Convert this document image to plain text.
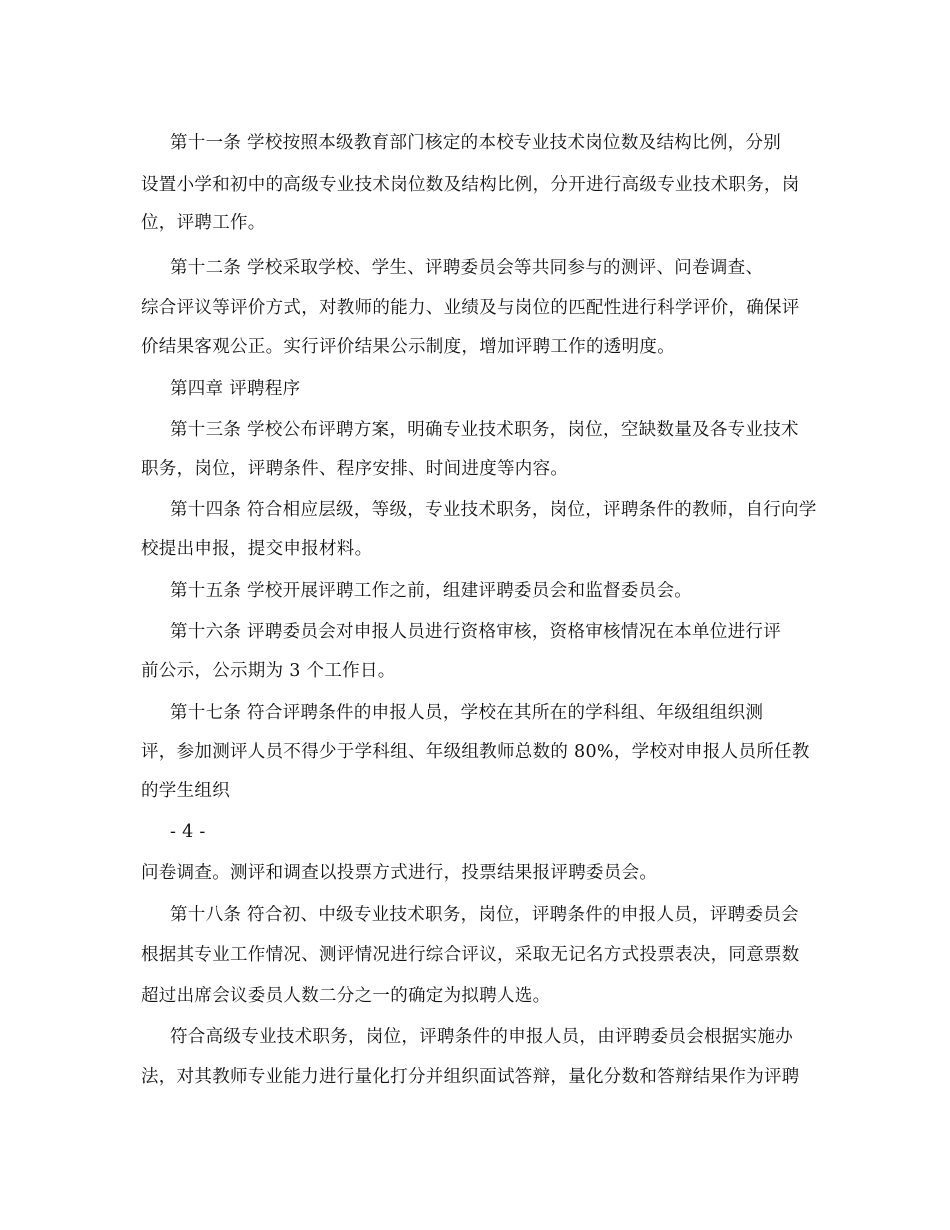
第十一条 学校按照本级教育部门核定的本校专业技术岗位数及结构比例，分别
设置小学和初中的高级专业技术岗位数及结构比例，分开进行高级专业技术职务，岗
位，评聘工作。
第十二条 学校采取学校、学生、评聘委员会等共同参与的测评、问卷调查、
综合评议等评价方式，对教师的能力、业绩及与岗位的匹配性进行科学评价，确保评
价结果客观公正。实行评价结果公示制度，增加评聘工作的透明度。
第四章 评聘程序
第十三条 学校公布评聘方案，明确专业技术职务，岗位，空缺数量及各专业技术
职务，岗位，评聘条件、程序安排、时间进度等内容。
第十四条 符合相应层级，等级，专业技术职务，岗位，评聘条件的教师，自行向学
校提出申报，提交申报材料。
第十五条 学校开展评聘工作之前，组建评聘委员会和监督委员会。
第十六条 评聘委员会对申报人员进行资格审核，资格审核情况在本单位进行评
前公示，公示期为 3 个工作日。
第十七条 符合评聘条件的申报人员，学校在其所在的学科组、年级组组织测
评，参加测评人员不得少于学科组、年级组教师总数的 80%，学校对申报人员所任教
的学生组织
- 4 -
问卷调查。测评和调查以投票方式进行，投票结果报评聘委员会。
第十八条 符合初、中级专业技术职务，岗位，评聘条件的申报人员，评聘委员会
根据其专业工作情况、测评情况进行综合评议，采取无记名方式投票表决，同意票数
超过出席会议委员人数二分之一的确定为拟聘人选。
符合高级专业技术职务，岗位，评聘条件的申报人员，由评聘委员会根据实施办
法，对其教师专业能力进行量化打分并组织面试答辩，量化分数和答辩结果作为评聘
